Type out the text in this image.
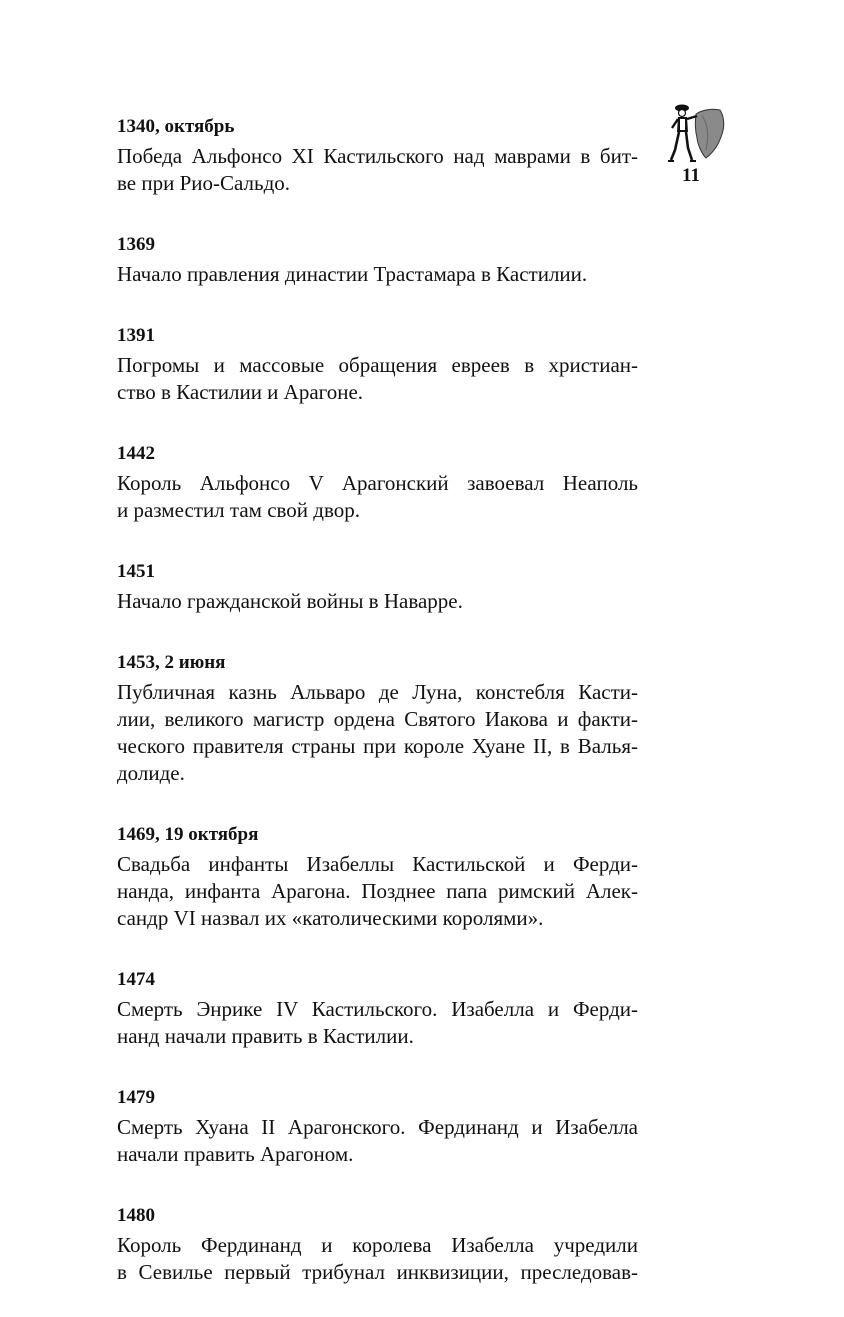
11
1340, октябрь
Победа Альфонсо XI Кастильского над маврами в бит-
ве при Рио-Сальдо.
1369
Начало правления династии Трастамара в Кастилии.
1391
Погромы и массовые обращения евреев в христиан-
ство в Кастилии и Арагоне.
1442
Король Альфонсо V Арагонский завоевал Неаполь
и разместил там свой двор.
1451
Начало гражданской войны в Наварре.
1453, 2 июня
Публичная казнь Альваро де Луна, констебля Касти-
лии, великого магистр ордена Святого Иакова и факти-
ческого правителя страны при короле Хуане II, в Валья-
долиде.
1469, 19 октября
Свадьба инфанты Изабеллы Кастильской и Ферди-
нанда, инфанта Арагона. Позднее папа римский Алек-
сандр VI назвал их «католическими королями».
1474
Смерть Энрике IV Кастильского. Изабелла и Ферди-
нанд начали править в Кастилии.
1479
Смерть Хуана II Арагонского. Фердинанд и Изабелла
начали править Арагоном.
1480
Король Фердинанд и королева Изабелла учредили
в Севилье первый трибунал инквизиции, преследовав-
